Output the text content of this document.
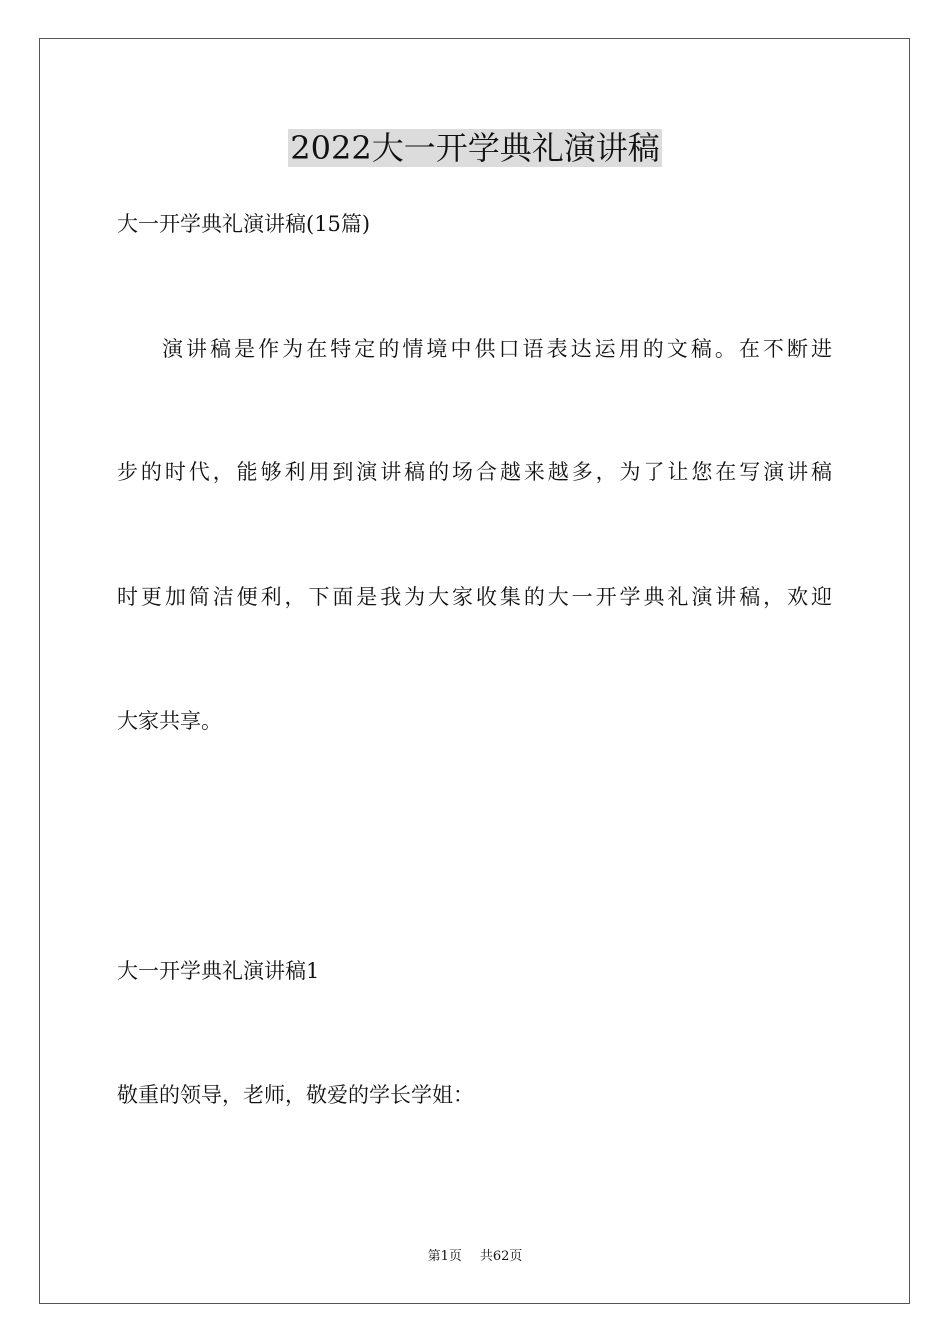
2022大一开学典礼演讲稿
大一开学典礼演讲稿(15篇)
演讲稿是作为在特定的情境中供口语表达运用的文稿。在不断进
步的时代，能够利用到演讲稿的场合越来越多，为了让您在写演讲稿
时更加简洁便利，下面是我为大家收集的大一开学典礼演讲稿，欢迎
大家共享。
大一开学典礼演讲稿1
敬重的领导，老师，敬爱的学长学姐：
第1页 共62页
